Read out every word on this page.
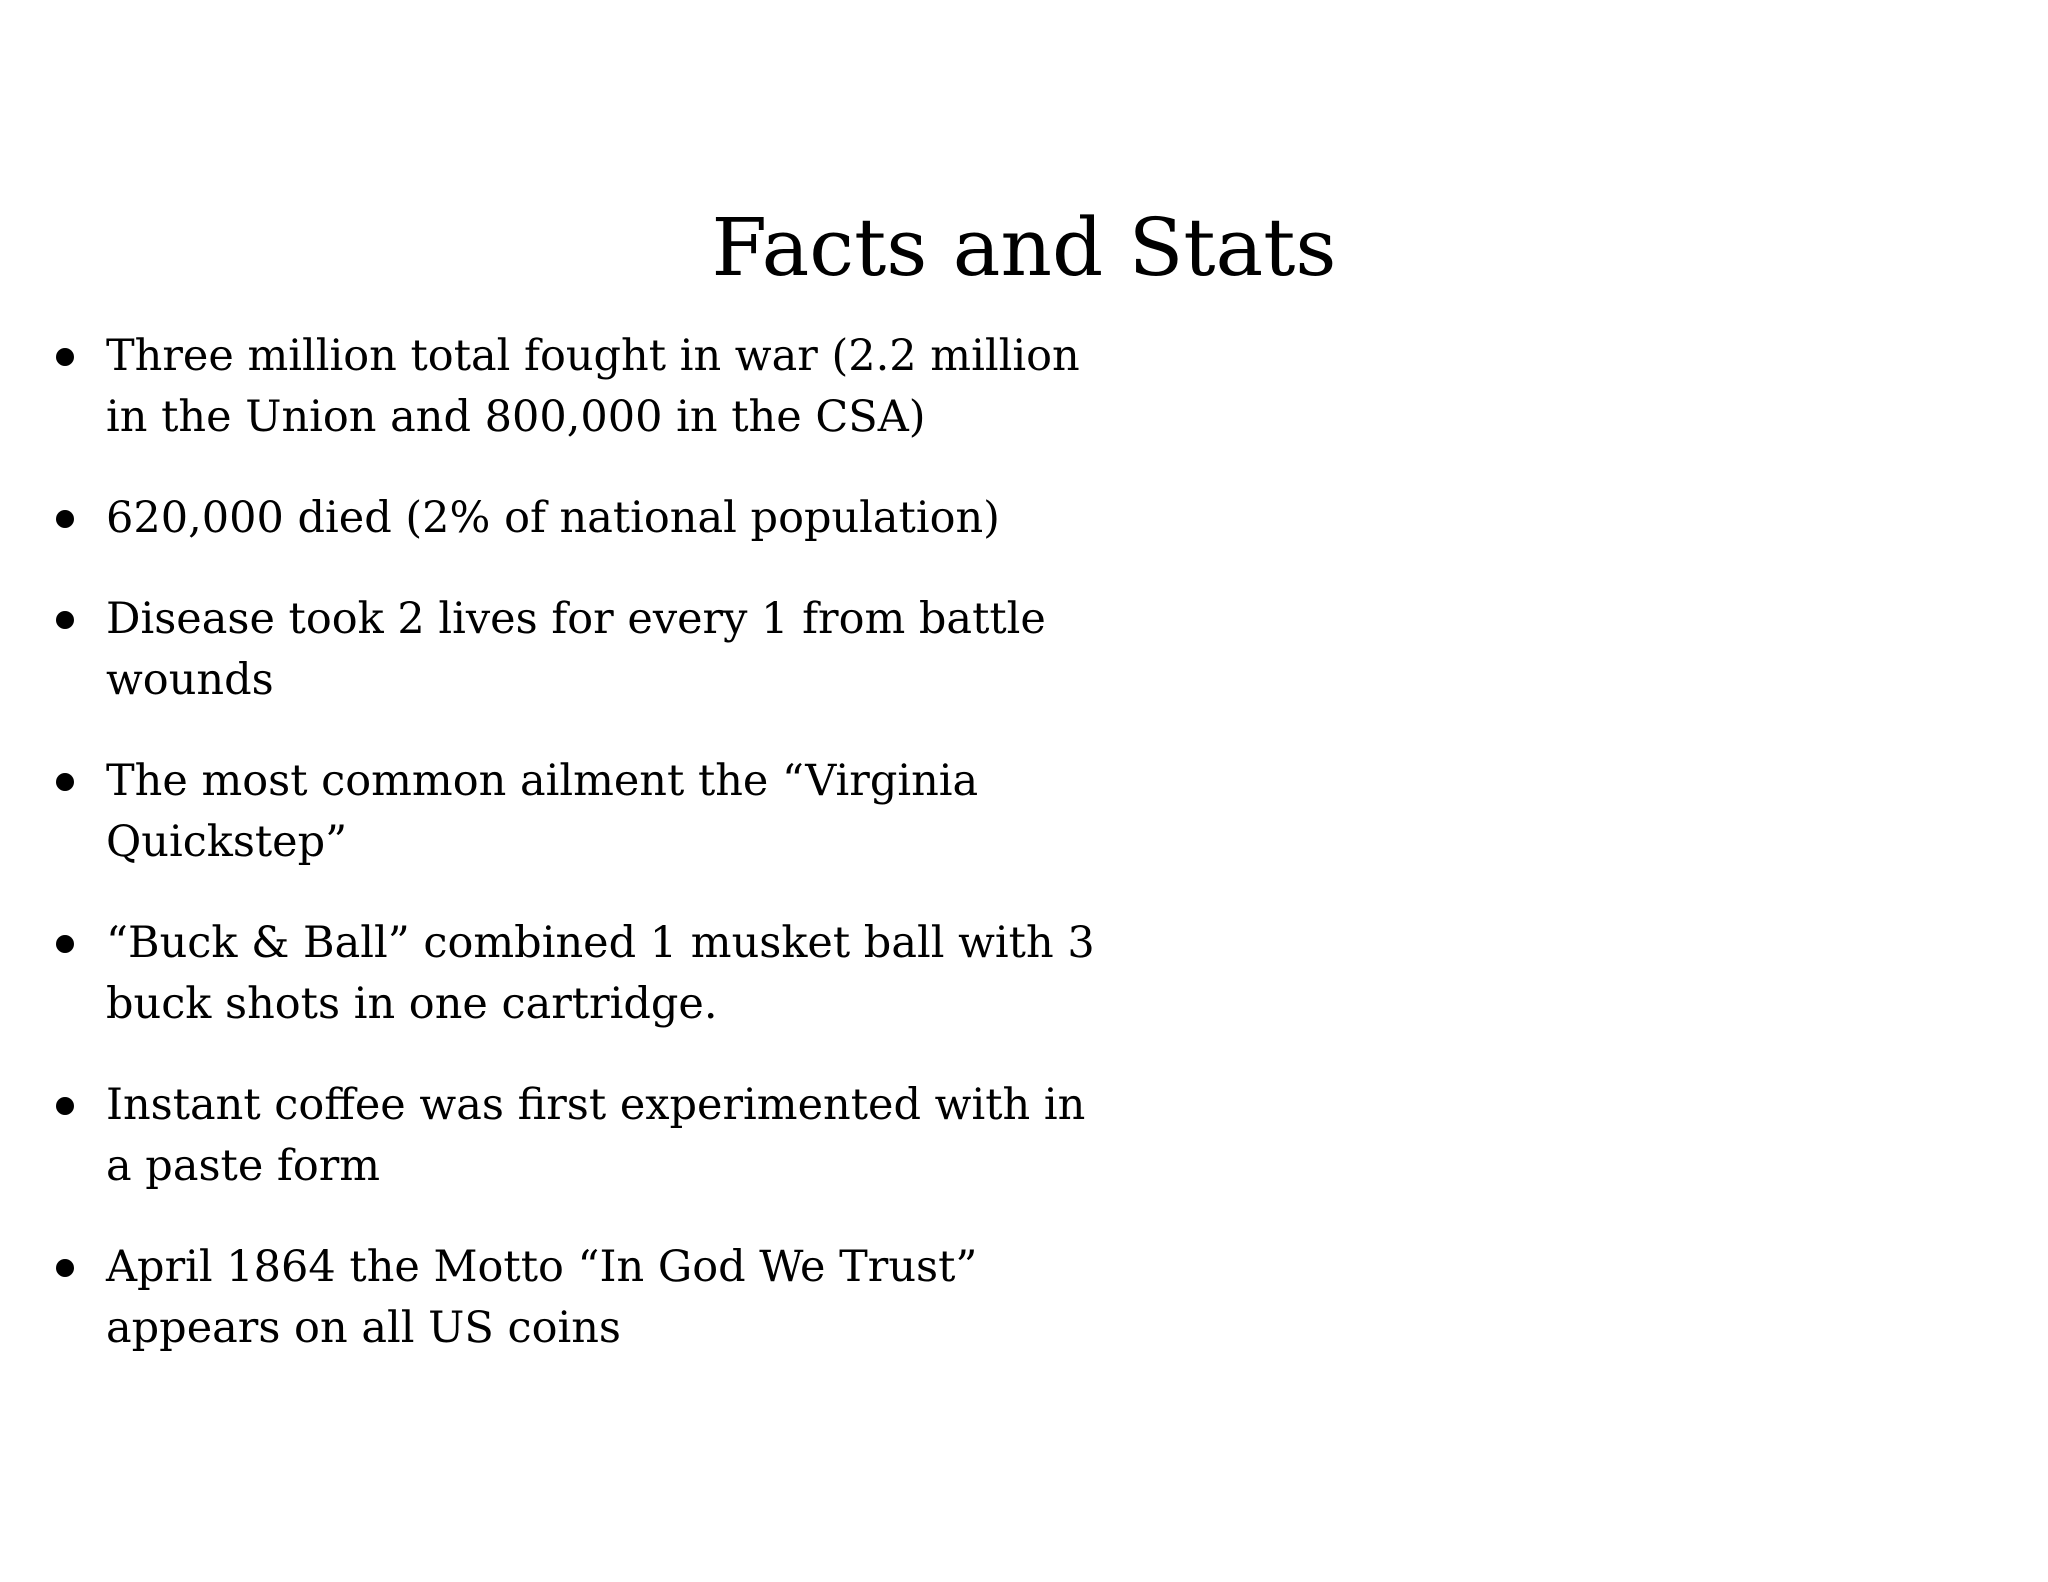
Facts and Stats
Three million total fought in war (2.2 million in the Union and 800,000 in the CSA)
620,000 died (2% of national population)
Disease took 2 lives for every 1 from battle wounds
The most common ailment the “Virginia Quickstep”
“Buck & Ball” combined 1 musket ball with 3 buck shots in one cartridge.
Instant coffee was first experimented with in a paste form
April 1864 the Motto “In God We Trust” appears on all US coins
